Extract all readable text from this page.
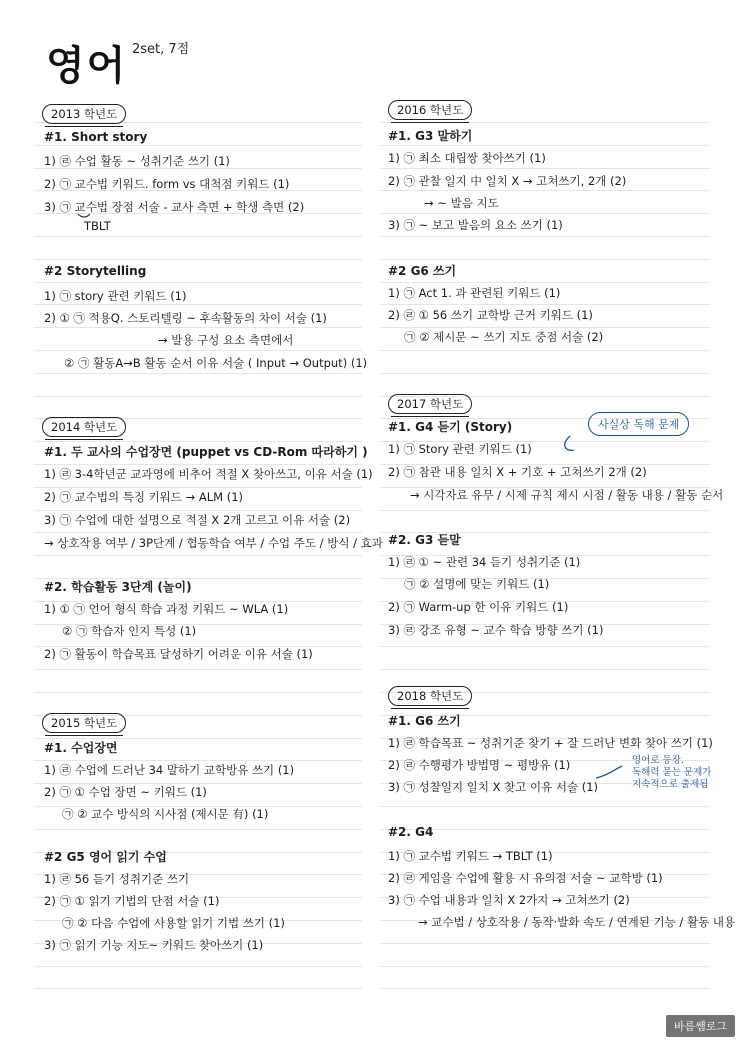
영어 2set, 7점
2013 학년도
#1. Short story
1) ㉣ 수업 활동 ~ 성취기준 쓰기 (1)
2) ㉠ 교수법 키워드. form vs 대척점 키워드 (1)
3) ㉠ 교수법 장점 서술 - 교사 측면 + 학생 측면 (2)
TBLT
#2 Storytelling
1) ㉠ story 관련 키워드 (1)
2) ① ㉠ 적용Q. 스토리텔링 ~ 후속활동의 차이 서술 (1)
→ 발용 구성 요소 측면에서
② ㉠ 활동A→B 활동 순서 이유 서술 ( Input → Output) (1)
2014 학년도
#1. 두 교사의 수업장면 (puppet vs CD-Rom 따라하기 )
1) ㉣ 3-4학년군 교과영에 비추어 적절 X 찾아쓰고, 이유 서술 (1)
2) ㉠ 교수법의 특징 키워드 → ALM (1)
3) ㉠ 수업에 대한 설명으로 적절 X 2개 고르고 이유 서술 (2)
→ 상호작용 여부 / 3P단계 / 협동학습 여부 / 수업 주도 / 방식 / 효과
#2. 학습활동 3단계 (놀이)
1) ① ㉠ 언어 형식 학습 과정 키워드 ~ WLA (1)
② ㉠ 학습자 인지 특성 (1)
2) ㉠ 활동이 학습목표 달성하기 어려운 이유 서술 (1)
2015 학년도
#1. 수업장면
1) ㉣ 수업에 드러난 34 말하기 교학방유 쓰기 (1)
2) ㉠ ① 수업 장면 ~ 키워드 (1)
㉠ ② 교수 방식의 시사점 (제시문 有) (1)
#2 G5 영어 읽기 수업
1) ㉣ 56 듣기 성취기준 쓰기
2) ㉠ ① 읽기 기법의 단점 서술 (1)
㉠ ② 다음 수업에 사용할 읽기 기법 쓰기 (1)
3) ㉠ 읽기 기능 지도~ 키워드 찾아쓰기 (1)
2016 학년도
#1. G3 말하기
1) ㉠ 최소 대립쌍 찾아쓰기 (1)
2) ㉠ 관찰 일지 中 일치 X → 고쳐쓰기, 2개 (2)
→ ~ 발음 지도
3) ㉠ ~ 보고 발음의 요소 쓰기 (1)
#2 G6 쓰기
1) ㉠ Act 1. 과 관련된 키워드 (1)
2) ㉣ ① 56 쓰기 교학방 근거 키워드 (1)
㉠ ② 제시문 ~ 쓰기 지도 중점 서술 (2)
2017 학년도
#1. G4 듣기 (Story)	사실상 독해 문제
1) ㉠ Story 관련 키워드 (1)
2) ㉠ 참관 내용 일치 X + 기호 + 고쳐쓰기 2개 (2)
→ 시각자료 유무 / 시제 규칙 제시 시점 / 활동 내용 / 활동 순서
#2. G3 듣말
1) ㉣ ① ~ 관련 34 듣기 성취기준 (1)
㉠ ② 설명에 맞는 키워드 (1)
2) ㉠ Warm-up 한 이유 키워드 (1)
3) ㉣ 강조 유형 ~ 교수 학습 방향 쓰기 (1)
2018 학년도
#1. G6 쓰기
1) ㉣ 학습목표 ~ 성취기준 찾기 + 잘 드러난 변화 찾아 쓰기 (1)
2) ㉣ 수행평가 방법명 ~ 평방유 (1)
3) ㉠ 성찰일지 일치 X 찾고 이유 서술 (1)
영어로 등장.
독해력 묻는 문제가
지속적으로 출제됨
#2. G4
1) ㉠ 교수법 키워드 → TBLT (1)
2) ㉣ 게임을 수업에 활용 시 유의점 서술 ~ 교학방 (1)
3) ㉠ 수업 내용과 일치 X 2가지 → 고쳐쓰기 (2)
→ 교수법 / 상호작용 / 동작·발화 속도 / 연계된 기능 / 활동 내용
바름쌤로그
